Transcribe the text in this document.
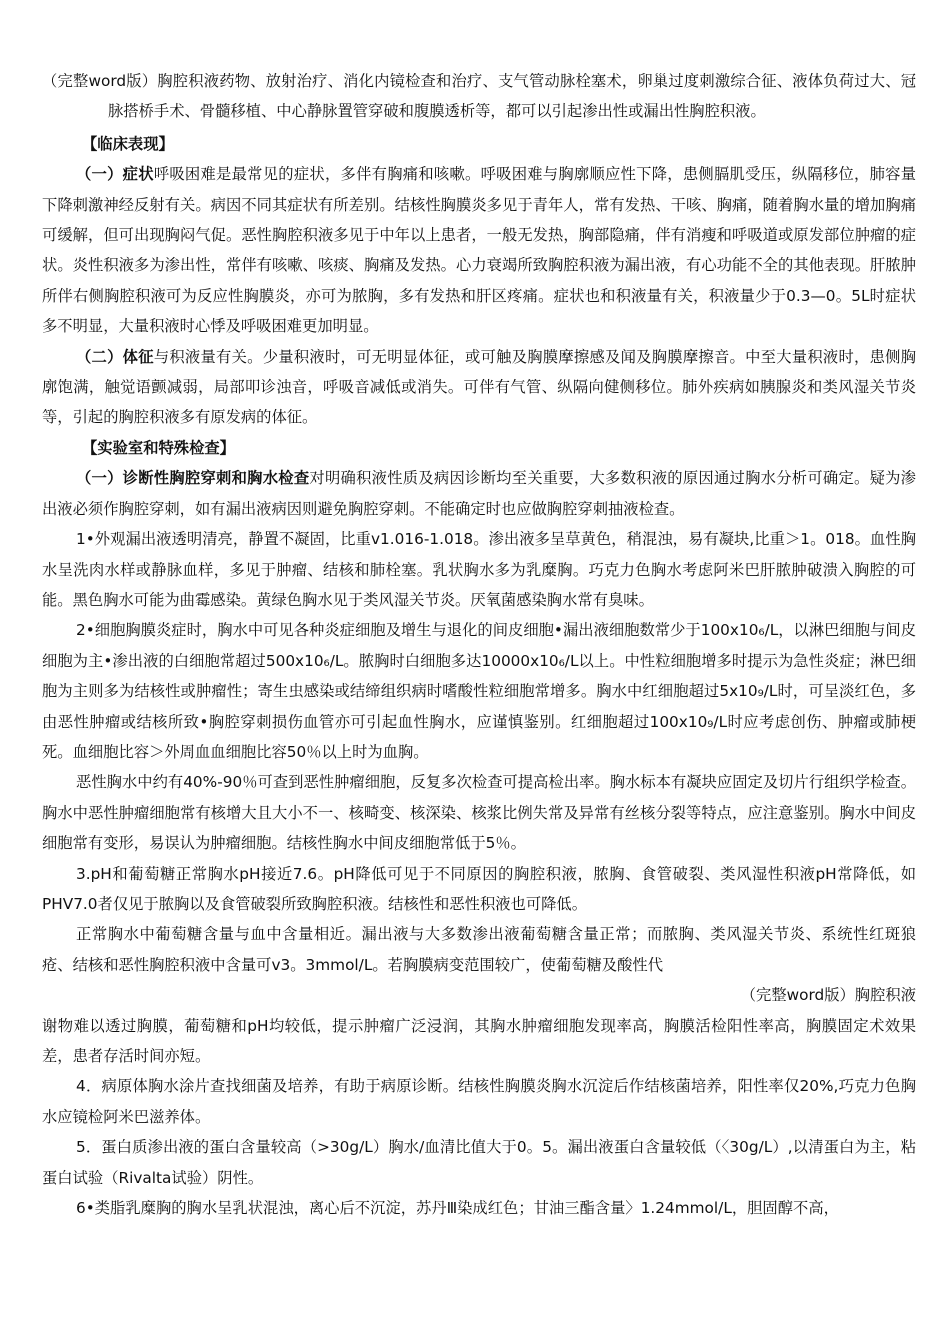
（完整word版）胸腔积液药物、放射治疗、消化内镜检查和治疗、支气管动脉栓塞术，卵巢过度刺激综合征、液体负荷过大、冠脉搭桥手术、骨髓移植、中心静脉置管穿破和腹膜透析等，都可以引起渗出性或漏出性胸腔积液。

【临床表现】

（一）症状呼吸困难是最常见的症状，多伴有胸痛和咳嗽。呼吸困难与胸廓顺应性下降，患侧膈肌受压，纵隔移位，肺容量下降刺激神经反射有关。病因不同其症状有所差别。结核性胸膜炎多见于青年人，常有发热、干咳、胸痛，随着胸水量的增加胸痛可缓解，但可出现胸闷气促。恶性胸腔积液多见于中年以上患者，一般无发热，胸部隐痛，伴有消瘦和呼吸道或原发部位肿瘤的症状。炎性积液多为渗出性，常伴有咳嗽、咳痰、胸痛及发热。心力衰竭所致胸腔积液为漏出液，有心功能不全的其他表现。肝脓肿所伴右侧胸腔积液可为反应性胸膜炎，亦可为脓胸，多有发热和肝区疼痛。症状也和积液量有关，积液量少于0.3—0。5L时症状多不明显，大量积液时心悸及呼吸困难更加明显。

（二）体征与积液量有关。少量积液时，可无明显体征，或可触及胸膜摩擦感及闻及胸膜摩擦音。中至大量积液时，患侧胸廓饱满，触觉语颤减弱，局部叩诊浊音，呼吸音减低或消失。可伴有气管、纵隔向健侧移位。肺外疾病如胰腺炎和类风湿关节炎等，引起的胸腔积液多有原发病的体征。

【实验室和特殊检查】

（一）诊断性胸腔穿刺和胸水检查对明确积液性质及病因诊断均至关重要，大多数积液的原因通过胸水分析可确定。疑为渗出液必须作胸腔穿刺，如有漏出液病因则避免胸腔穿刺。不能确定时也应做胸腔穿刺抽液检查。

1•外观漏出液透明清亮，静置不凝固，比重v1.016-1.018。渗出液多呈草黄色，稍混浊，易有凝块,比重＞1。018。血性胸水呈洗肉水样或静脉血样，多见于肿瘤、结核和肺栓塞。乳状胸水多为乳糜胸。巧克力色胸水考虑阿米巴肝脓肿破溃入胸腔的可能。黑色胸水可能为曲霉感染。黄绿色胸水见于类风湿关节炎。厌氧菌感染胸水常有臭味。

2•细胞胸膜炎症时，胸水中可见各种炎症细胞及增生与退化的间皮细胞•漏出液细胞数常少于100x10₆/L，以淋巴细胞与间皮细胞为主•渗出液的白细胞常超过500x10₆/L。脓胸时白细胞多达10000x10₆/L以上。中性粒细胞增多时提示为急性炎症；淋巴细胞为主则多为结核性或肿瘤性；寄生虫感染或结缔组织病时嗜酸性粒细胞常增多。胸水中红细胞超过5x10₉/L时，可呈淡红色，多由恶性肿瘤或结核所致•胸腔穿刺损伤血管亦可引起血性胸水，应谨慎鉴别。红细胞超过100x10₉/L时应考虑创伤、肿瘤或肺梗死。血细胞比容＞外周血血细胞比容50％以上时为血胸。

恶性胸水中约有40%-90％可查到恶性肿瘤细胞，反复多次检查可提高检出率。胸水标本有凝块应固定及切片行组织学检查。胸水中恶性肿瘤细胞常有核增大且大小不一、核畸变、核深染、核浆比例失常及异常有丝核分裂等特点，应注意鉴别。胸水中间皮细胞常有变形，易误认为肿瘤细胞。结核性胸水中间皮细胞常低于5％。

3.pH和葡萄糖正常胸水pH接近7.6。pH降低可见于不同原因的胸腔积液，脓胸、食管破裂、类风湿性积液pH常降低，如PHV7.0者仅见于脓胸以及食管破裂所致胸腔积液。结核性和恶性积液也可降低。

正常胸水中葡萄糖含量与血中含量相近。漏出液与大多数渗出液葡萄糖含量正常；而脓胸、类风湿关节炎、系统性红斑狼疮、结核和恶性胸腔积液中含量可v3。3mmol/L。若胸膜病变范围较广，使葡萄糖及酸性代

（完整word版）胸腔积液

谢物难以透过胸膜，葡萄糖和pH均较低，提示肿瘤广泛浸润，其胸水肿瘤细胞发现率高，胸膜活检阳性率高，胸膜固定术效果差，患者存活时间亦短。

4．病原体胸水涂片查找细菌及培养，有助于病原诊断。结核性胸膜炎胸水沉淀后作结核菌培养，阳性率仅20%,巧克力色胸水应镜检阿米巴滋养体。

5．蛋白质渗出液的蛋白含量较高（>30g/L）胸水/血清比值大于0。5。漏出液蛋白含量较低（〈30g/L）,以清蛋白为主，粘蛋白试验（Rivalta试验）阴性。

6•类脂乳糜胸的胸水呈乳状混浊，离心后不沉淀，苏丹Ⅲ染成红色；甘油三酯含量〉1.24mmol/L，胆固醇不高，
